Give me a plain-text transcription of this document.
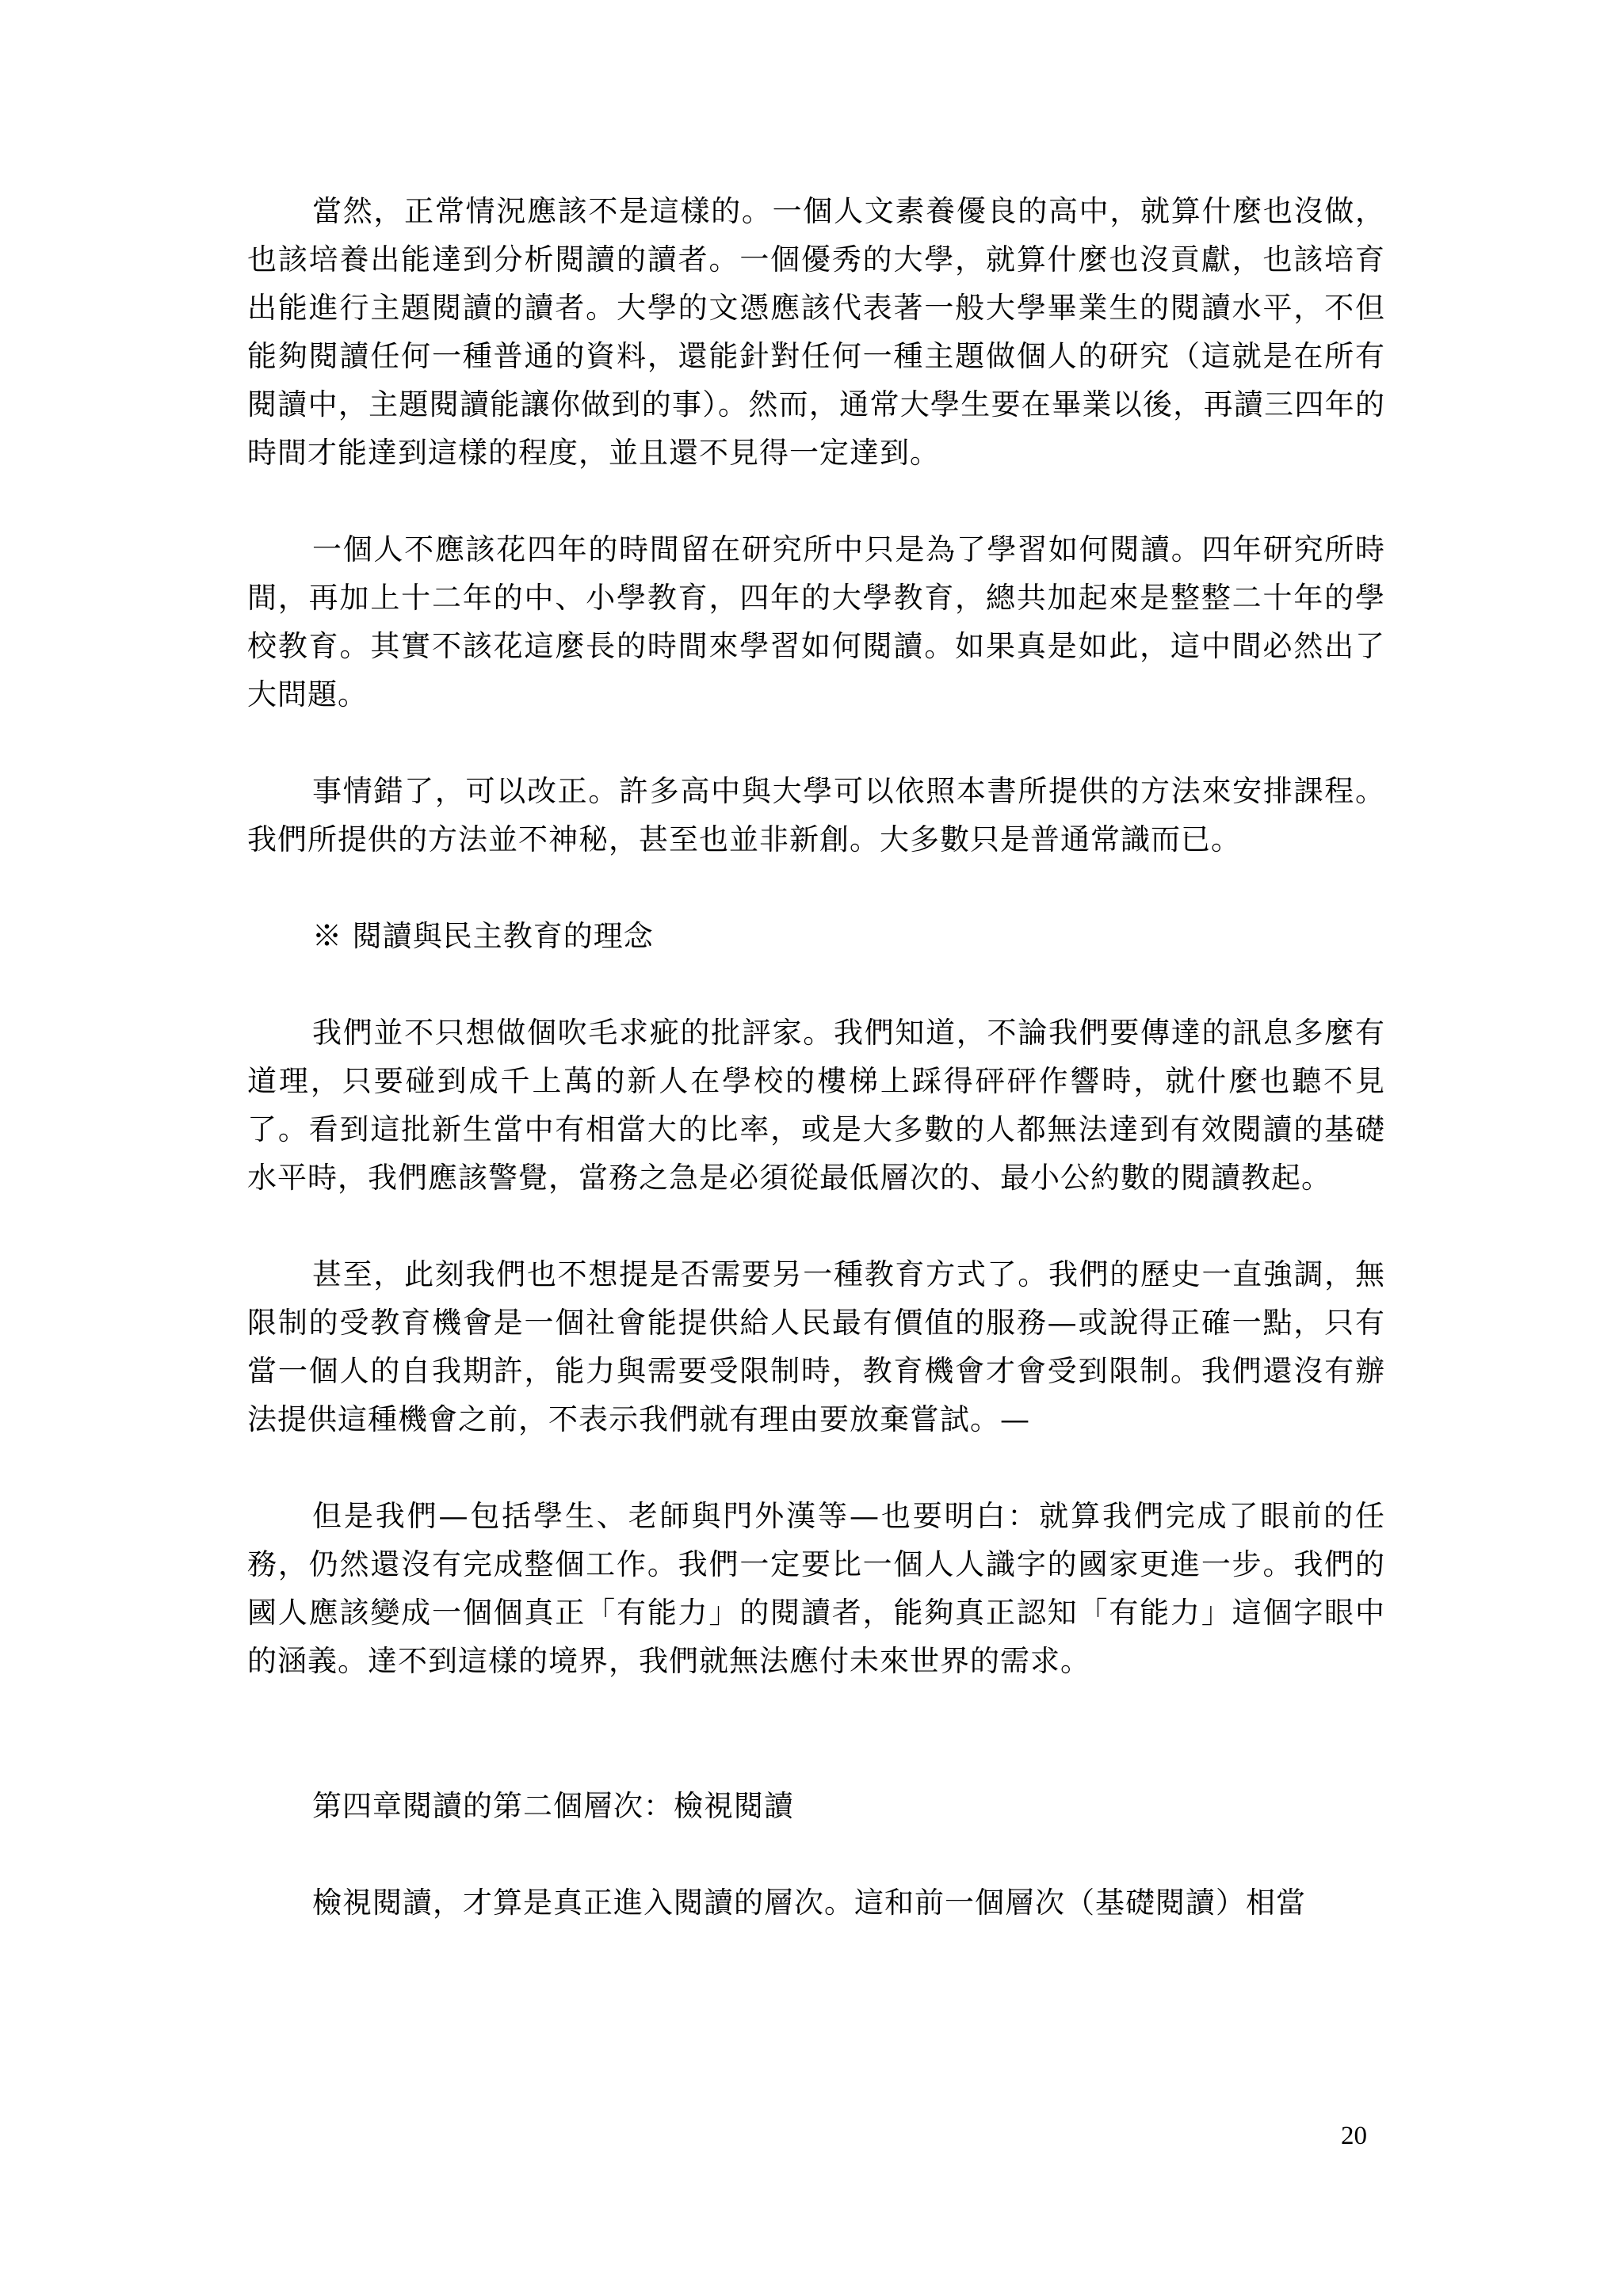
當然，正常情況應該不是這樣的。一個人文素養優良的高中，就算什麼也沒做，也該培養出能達到分析閱讀的讀者。一個優秀的大學，就算什麼也沒貢獻，也該培育出能進行主題閱讀的讀者。大學的文憑應該代表著一般大學畢業生的閱讀水平，不但能夠閱讀任何一種普通的資料，還能針對任何一種主題做個人的研究（這就是在所有閱讀中，主題閱讀能讓你做到的事）。然而，通常大學生要在畢業以後，再讀三四年的時間才能達到這樣的程度，並且還不見得一定達到。

一個人不應該花四年的時間留在研究所中只是為了學習如何閱讀。四年研究所時間，再加上十二年的中、小學教育，四年的大學教育，總共加起來是整整二十年的學校教育。其實不該花這麼長的時間來學習如何閱讀。如果真是如此，這中間必然出了大問題。

事情錯了，可以改正。許多高中與大學可以依照本書所提供的方法來安排課程。我們所提供的方法並不神秘，甚至也並非新創。大多數只是普通常識而已。

※ 閱讀與民主教育的理念

我們並不只想做個吹毛求疵的批評家。我們知道，不論我們要傳達的訊息多麼有道理，只要碰到成千上萬的新人在學校的樓梯上踩得砰砰作響時，就什麼也聽不見了。看到這批新生當中有相當大的比率，或是大多數的人都無法達到有效閱讀的基礎水平時，我們應該警覺，當務之急是必須從最低層次的、最小公約數的閱讀教起。

甚至，此刻我們也不想提是否需要另一種教育方式了。我們的歷史一直強調，無限制的受教育機會是一個社會能提供給人民最有價值的服務—或說得正確一點，只有當一個人的自我期許，能力與需要受限制時，教育機會才會受到限制。我們還沒有辦法提供這種機會之前，不表示我們就有理由要放棄嘗試。—

但是我們—包括學生、老師與門外漢等—也要明白：就算我們完成了眼前的任務，仍然還沒有完成整個工作。我們一定要比一個人人識字的國家更進一步。我們的國人應該變成一個個真正「有能力」的閱讀者，能夠真正認知「有能力」這個字眼中的涵義。達不到這樣的境界，我們就無法應付未來世界的需求。

第四章閱讀的第二個層次：檢視閱讀

檢視閱讀，才算是真正進入閱讀的層次。這和前一個層次（基礎閱讀）相當

20
